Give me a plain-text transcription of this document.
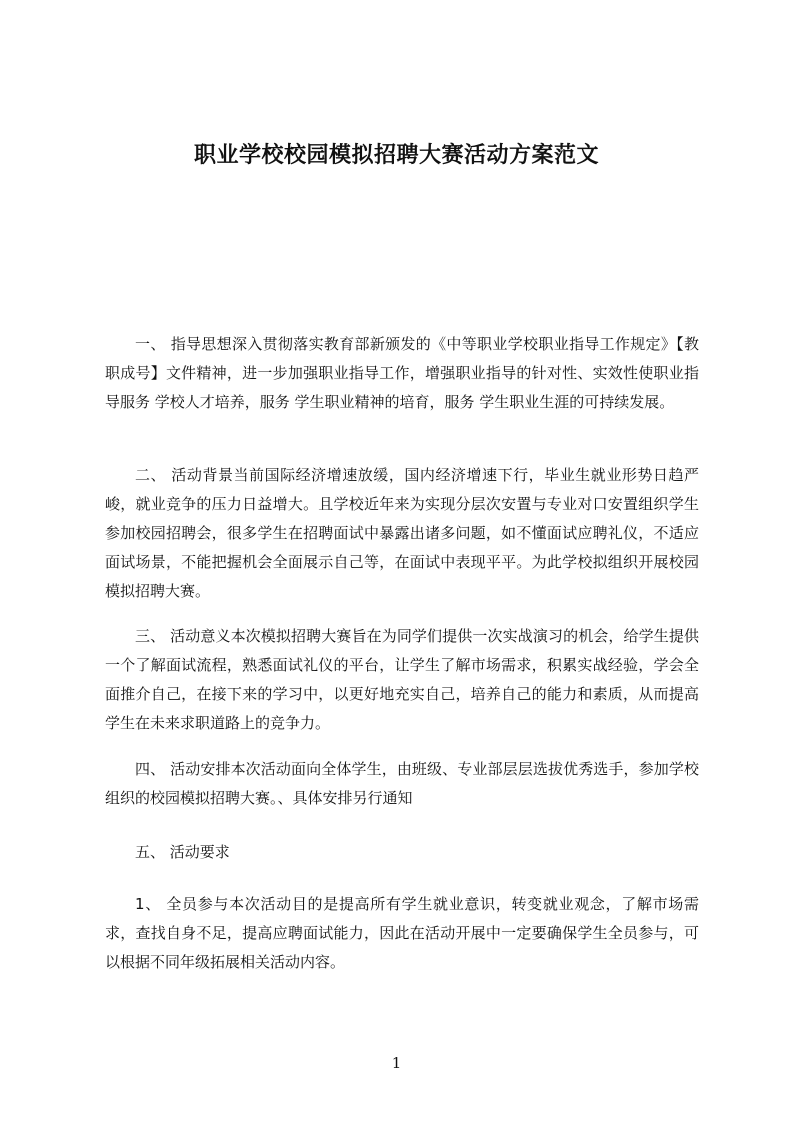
职业学校校园模拟招聘大赛活动方案范文

一、 指导思想深入贯彻落实教育部新颁发的《中等职业学校职业指导工作规定》【教职成号】文件精神，进一步加强职业指导工作，增强职业指导的针对性、实效性使职业指导服务 学校人才培养，服务 学生职业精神的培育，服务 学生职业生涯的可持续发展。

二、 活动背景当前国际经济增速放缓，国内经济增速下行，毕业生就业形势日趋严峻，就业竞争的压力日益增大。且学校近年来为实现分层次安置与专业对口安置组织学生参加校园招聘会，很多学生在招聘面试中暴露出诸多问题，如不懂面试应聘礼仪，不适应面试场景，不能把握机会全面展示自己等，在面试中表现平平。为此学校拟组织开展校园模拟招聘大赛。

三、 活动意义本次模拟招聘大赛旨在为同学们提供一次实战演习的机会，给学生提供一个了解面试流程，熟悉面试礼仪的平台，让学生了解市场需求，积累实战经验，学会全面推介自己，在接下来的学习中，以更好地充实自己，培养自己的能力和素质，从而提高学生在未来求职道路上的竞争力。

四、 活动安排本次活动面向全体学生，由班级、专业部层层选拔优秀选手，参加学校组织的校园模拟招聘大赛。、具体安排另行通知

五、 活动要求

1、 全员参与本次活动目的是提高所有学生就业意识，转变就业观念，了解市场需求，查找自身不足，提高应聘面试能力，因此在活动开展中一定要确保学生全员参与，可以根据不同年级拓展相关活动内容。

1
